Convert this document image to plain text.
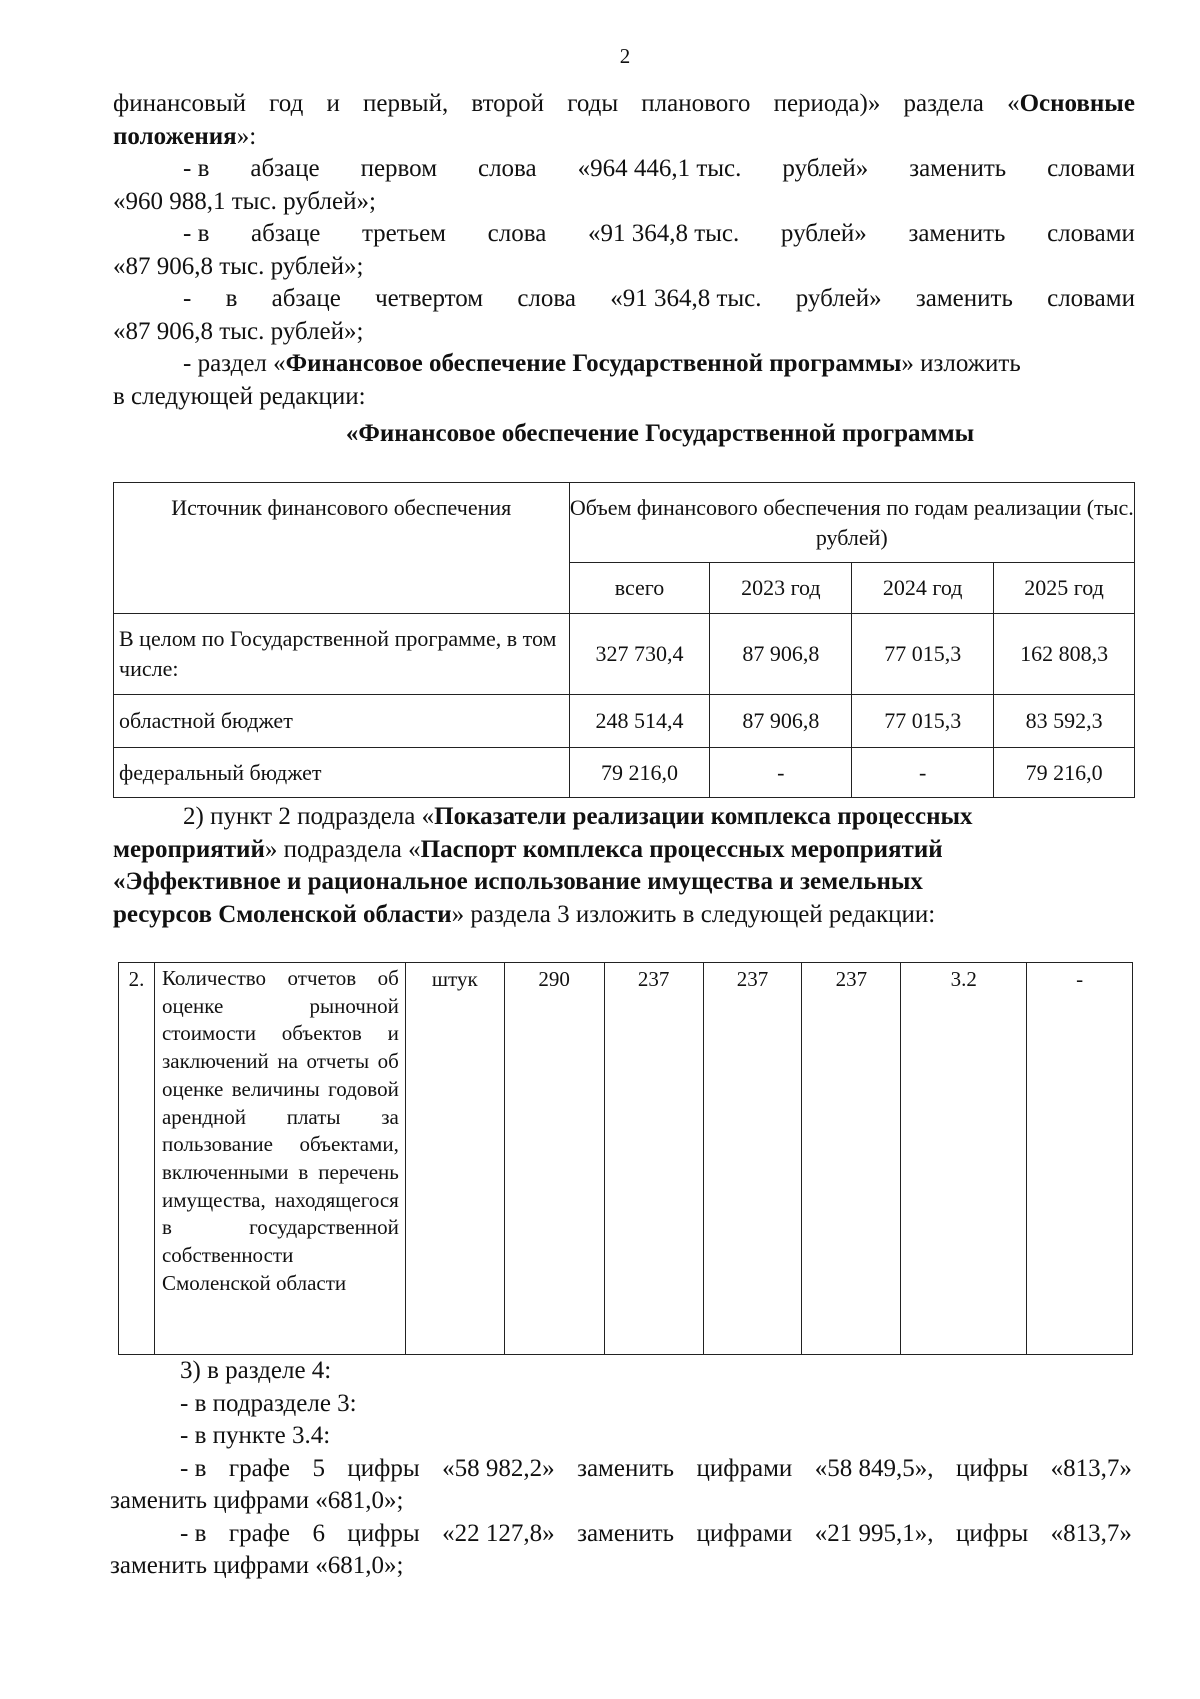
2
финансовый год и первый, второй годы планового периода)» раздела «Основные
положения»:
- в абзаце первом слова «964 446,1 тыс. рублей» заменить словами
«960 988,1 тыс. рублей»;
- в абзаце третьем слова «91 364,8 тыс. рублей» заменить словами
«87 906,8 тыс. рублей»;
- в абзаце четвертом слова «91 364,8 тыс. рублей» заменить словами
«87 906,8 тыс. рублей»;
- раздел «Финансовое обеспечение Государственной программы» изложить
в следующей редакции:
«Финансовое обеспечение Государственной программы
Источник финансового обеспечения	Объем финансового обеспечения по годам реализации (тыс. рублей)			
	всего	2023 год	2024 год	2025 год
В целом по Государственной программе, в том числе:	327 730,4	87 906,8	77 015,3	162 808,3
областной бюджет	248 514,4	87 906,8	77 015,3	83 592,3
федеральный бюджет	79 216,0	-	-	79 216,0
2) пункт 2 подраздела «Показатели реализации комплекса процессных
мероприятий» подраздела «Паспорт комплекса процессных мероприятий
«Эффективное и рациональное использование имущества и земельных
ресурсов Смоленской области» раздела 3 изложить в следующей редакции:
2.	Количество отчетов об оценке рыночной стоимости объектов и заключений на отчеты об оценке величины годовой арендной платы за пользование объектами, включенными в перечень имущества, находящегося в государственной собственности Смоленской области	штук	290	237	237	237	3.2	-
3) в разделе 4:
- в подразделе 3:
- в пункте 3.4:
- в графе 5 цифры «58 982,2» заменить цифрами «58 849,5», цифры «813,7»
заменить цифрами «681,0»;
- в графе 6 цифры «22 127,8» заменить цифрами «21 995,1», цифры «813,7»
заменить цифрами «681,0»;
